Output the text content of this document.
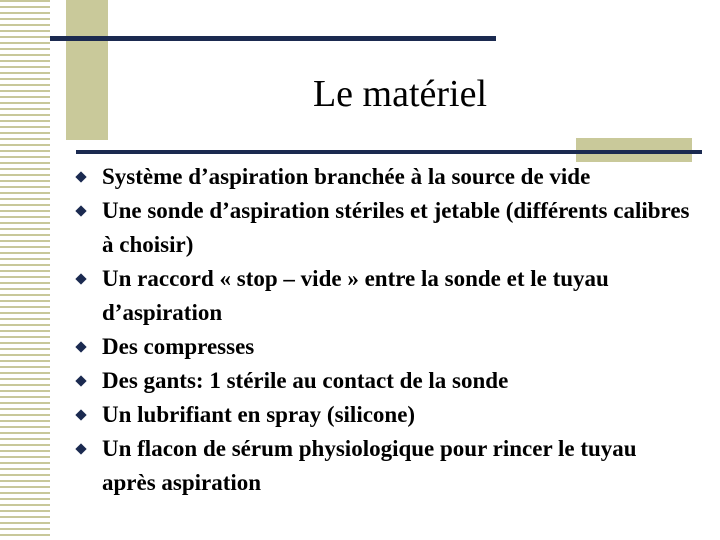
Le matériel
Système d’aspiration branchée à la source de vide
Une sonde d’aspiration stériles et jetable (différents calibres à choisir)
Un raccord « stop – vide » entre la sonde et le tuyau d’aspiration
Des compresses
Des gants: 1 stérile au contact de la sonde
Un lubrifiant en spray (silicone)
Un flacon de sérum physiologique pour rincer le tuyau après aspiration
